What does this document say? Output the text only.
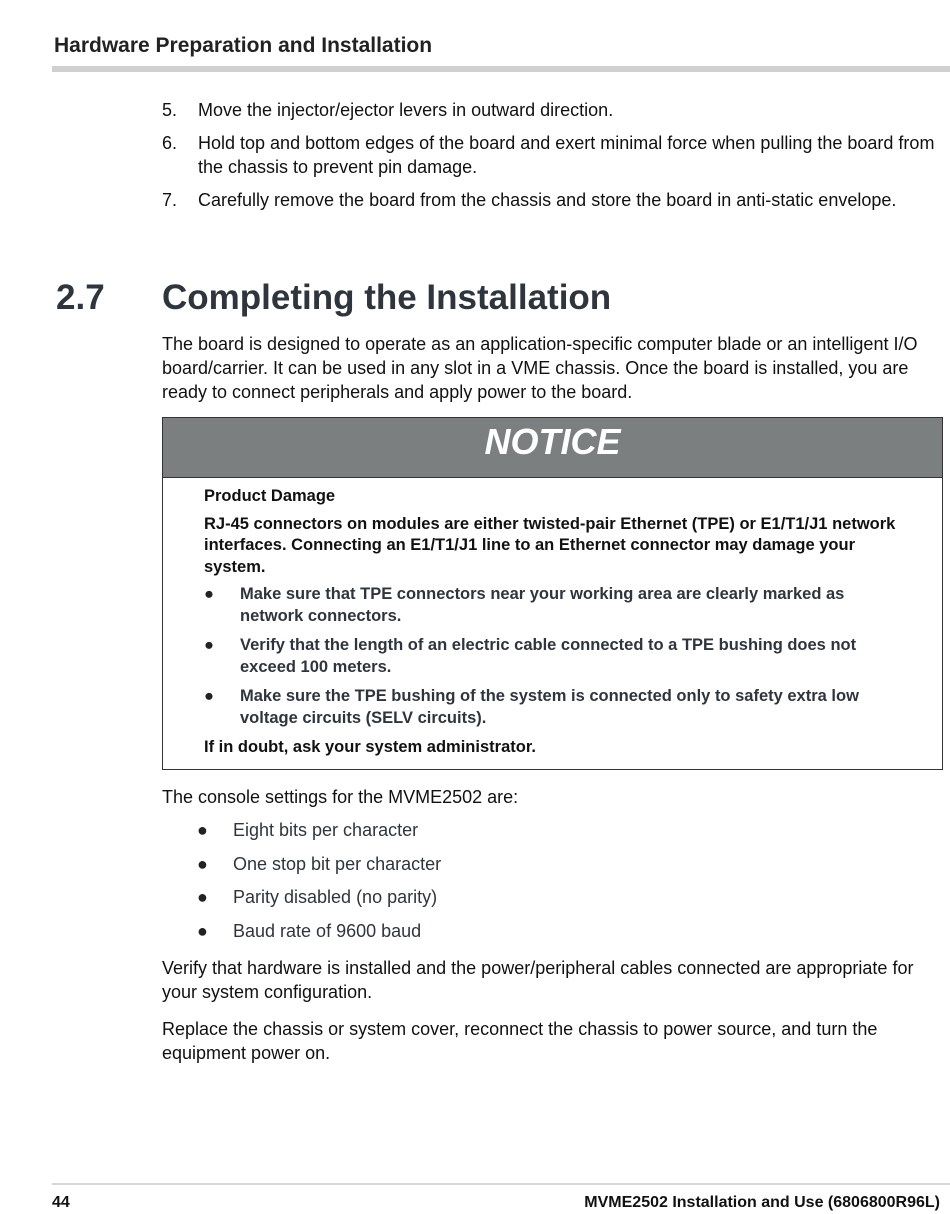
Hardware Preparation and Installation
5. Move the injector/ejector levers in outward direction.
6. Hold top and bottom edges of the board and exert minimal force when pulling the board from the chassis to prevent pin damage.
7. Carefully remove the board from the chassis and store the board in anti-static envelope.
2.7 Completing the Installation
The board is designed to operate as an application-specific computer blade or an intelligent I/O board/carrier. It can be used in any slot in a VME chassis. Once the board is installed, you are ready to connect peripherals and apply power to the board.
NOTICE

Product Damage

RJ-45 connectors on modules are either twisted-pair Ethernet (TPE) or E1/T1/J1 network interfaces. Connecting an E1/T1/J1 line to an Ethernet connector may damage your system.

● Make sure that TPE connectors near your working area are clearly marked as network connectors.
● Verify that the length of an electric cable connected to a TPE bushing does not exceed 100 meters.
● Make sure the TPE bushing of the system is connected only to safety extra low voltage circuits (SELV circuits).

If in doubt, ask your system administrator.

The console settings for the MVME2502 are:
● Eight bits per character
● One stop bit per character
● Parity disabled (no parity)
● Baud rate of 9600 baud
Verify that hardware is installed and the power/peripheral cables connected are appropriate for your system configuration.
Replace the chassis or system cover, reconnect the chassis to power source, and turn the equipment power on.
44	MVME2502 Installation and Use (6806800R96L)
